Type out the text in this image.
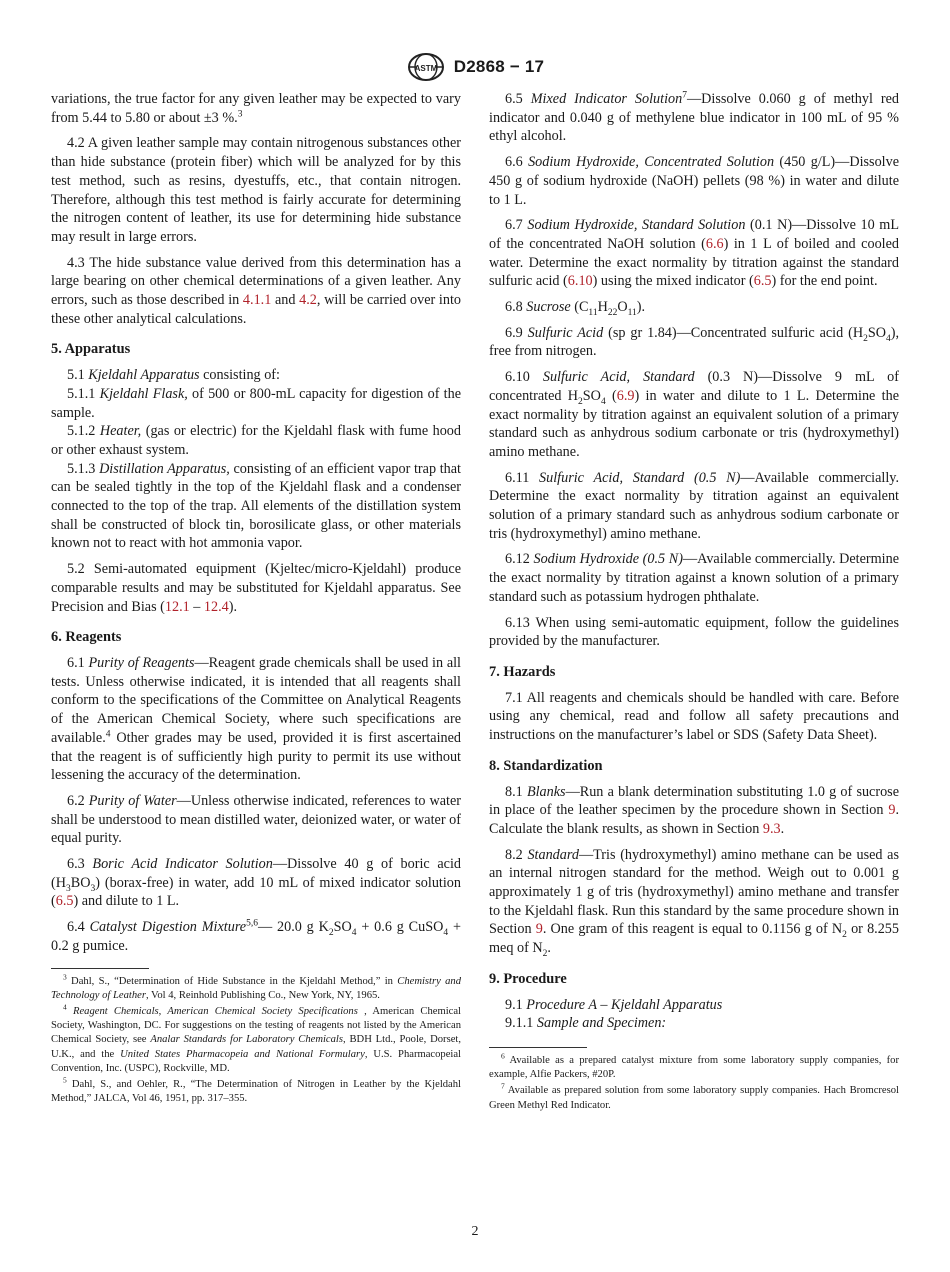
ASTM D2868 − 17

variations, the true factor for any given leather may be expected to vary from 5.44 to 5.80 or about ±3 %.$^3$

4.2 A given leather sample may contain nitrogenous substances other than hide substance (protein fiber) which will be analyzed for by this test method, such as resins, dyestuffs, etc., that contain nitrogen. Therefore, although this test method is fairly accurate for determining the nitrogen content of leather, its use for determining hide substance may result in large errors.

4.3 The hide substance value derived from this determination has a large bearing on other chemical determinations of a given leather. Any errors, such as those described in 4.1.1 and 4.2, will be carried over into these other analytical calculations.

5. Apparatus

5.1 Kjeldahl Apparatus consisting of:

5.1.1 Kjeldahl Flask, of 500 or 800-mL capacity for digestion of the sample.

5.1.2 Heater, (gas or electric) for the Kjeldahl flask with fume hood or other exhaust system.

5.1.3 Distillation Apparatus, consisting of an efficient vapor trap that can be sealed tightly in the top of the Kjeldahl flask and a condenser connected to the top of the trap. All elements of the distillation system shall be constructed of block tin, borosilicate glass, or other materials known not to react with hot ammonia vapor.

5.2 Semi-automated equipment (Kjeltec/micro-Kjeldahl) produce comparable results and may be substituted for Kjeldahl apparatus. See Precision and Bias (12.1 – 12.4).

6. Reagents

6.1 Purity of Reagents—Reagent grade chemicals shall be used in all tests. Unless otherwise indicated, it is intended that all reagents shall conform to the specifications of the Committee on Analytical Reagents of the American Chemical Society, where such specifications are available.$^4$ Other grades may be used, provided it is first ascertained that the reagent is of sufficiently high purity to permit its use without lessening the accuracy of the determination.

6.2 Purity of Water—Unless otherwise indicated, references to water shall be understood to mean distilled water, deionized water, or water of equal purity.

6.3 Boric Acid Indicator Solution—Dissolve 40 g of boric acid $(H_3BO_3)$ (borax-free) in water, add 10 mL of mixed indicator solution (6.5) and dilute to 1 L.

6.4 Catalyst Digestion Mixture$^{5,6}$— 20.0 g $K_2SO_4 + 0.6$ g CuSO$_4$ + 0.2 g pumice.

$^3$ Dahl, S., “Determination of Hide Substance in the Kjeldahl Method,” in Chemistry and Technology of Leather, Vol 4, Reinhold Publishing Co., New York, NY, 1965.

$^4$ Reagent Chemicals, American Chemical Society Specifications , American Chemical Society, Washington, DC. For suggestions on the testing of reagents not listed by the American Chemical Society, see Analar Standards for Laboratory Chemicals, BDH Ltd., Poole, Dorset, U.K., and the United States Pharmacopeia and National Formulary, U.S. Pharmacopeial Convention, Inc. (USPC), Rockville, MD.

$^5$ Dahl, S., and Oehler, R., “The Determination of Nitrogen in Leather by the Kjeldahl Method,” JALCA, Vol 46, 1951, pp. 317–355.

6.5 Mixed Indicator Solution$^7$—Dissolve 0.060 g of methyl red indicator and 0.040 g of methylene blue indicator in 100 mL of 95 % ethyl alcohol.

6.6 Sodium Hydroxide, Concentrated Solution (450 g/L)—Dissolve 450 g of sodium hydroxide (NaOH) pellets (98 %) in water and dilute to 1 L.

6.7 Sodium Hydroxide, Standard Solution (0.1 N)—Dissolve 10 mL of the concentrated NaOH solution (6.6) in 1 L of boiled and cooled water. Determine the exact normality by titration against the standard sulfuric acid (6.10) using the mixed indicator (6.5) for the end point.

6.8 Sucrose $(C_{11}H_{22}O_{11})$.

6.9 Sulfuric Acid (sp gr 1.84)—Concentrated sulfuric acid $(H_2SO_4)$, free from nitrogen.

6.10 Sulfuric Acid, Standard (0.3 N)—Dissolve 9 mL of concentrated $H_2SO_4$ (6.9) in water and dilute to 1 L. Determine the exact normality by titration against an equivalent solution of a primary standard such as anhydrous sodium carbonate or tris (hydroxymethyl) amino methane.

6.11 Sulfuric Acid, Standard (0.5 N)—Available commercially. Determine the exact normality by titration against an equivalent solution of a primary standard such as anhydrous sodium carbonate or tris (hydroxymethyl) amino methane.

6.12 Sodium Hydroxide (0.5 N)—Available commercially. Determine the exact normality by titration against a known solution of a primary standard such as potassium hydrogen phthalate.

6.13 When using semi-automatic equipment, follow the guidelines provided by the manufacturer.

7. Hazards

7.1 All reagents and chemicals should be handled with care. Before using any chemical, read and follow all safety precautions and instructions on the manufacturer’s label or SDS (Safety Data Sheet).

8. Standardization

8.1 Blanks—Run a blank determination substituting 1.0 g of sucrose in place of the leather specimen by the procedure shown in Section 9. Calculate the blank results, as shown in Section 9.3.

8.2 Standard—Tris (hydroxymethyl) amino methane can be used as an internal nitrogen standard for the method. Weigh out to 0.001 g approximately 1 g of tris (hydroxymethyl) amino methane and transfer to the Kjeldahl flask. Run this standard by the same procedure shown in Section 9. One gram of this reagent is equal to 0.1156 g of $N_2$ or 8.255 meq of $N_2$.

9. Procedure

9.1 Procedure A – Kjeldahl Apparatus

9.1.1 Sample and Specimen:

$^6$ Available as a prepared catalyst mixture from some laboratory supply companies, for example, Alfie Packers, #20P.

$^7$ Available as prepared solution from some laboratory supply companies. Hach Bromcresol Green Methyl Red Indicator.

2
